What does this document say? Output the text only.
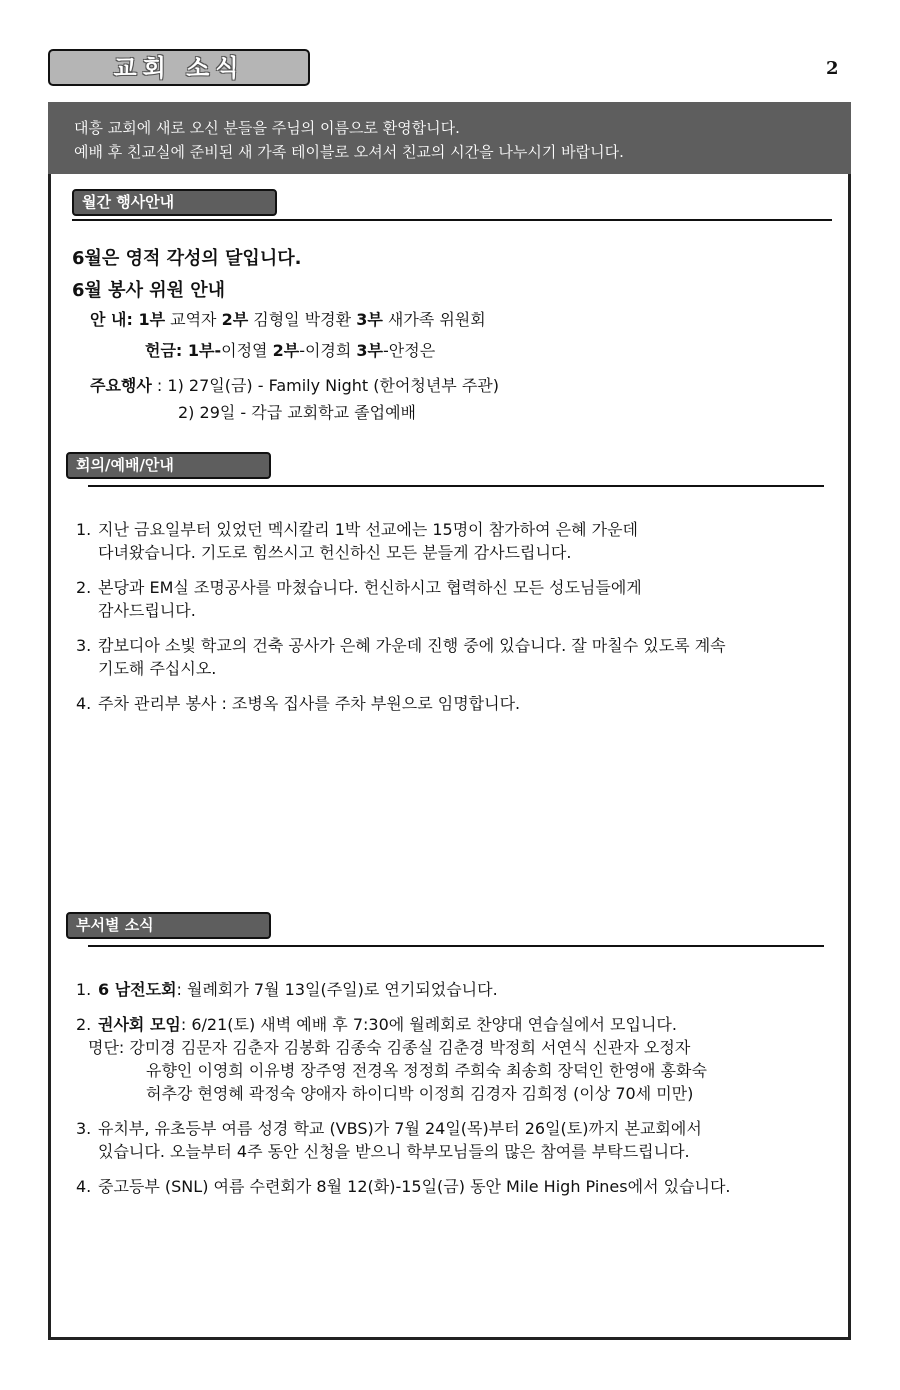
교회 소식	2
대흥 교회에 새로 오신 분들을 주님의 이름으로 환영합니다.
예배 후 친교실에 준비된 새 가족 테이블로 오셔서 친교의 시간을 나누시기 바랍니다.
월간 행사안내
6월은 영적 각성의 달입니다.
6월 봉사 위원 안내
안 내: 1부 교역자 2부 김형일 박경환 3부 새가족 위원회
헌금: 1부-이정열 2부-이경희 3부-안정은
주요행사 : 1) 27일(금) - Family Night (한어청년부 주관)
2) 29일 - 각급 교회학교 졸업예배
회의/예배/안내
1. 지난 금요일부터 있었던 멕시칼리 1박 선교에는 15명이 참가하여 은혜 가운데
다녀왔습니다. 기도로 힘쓰시고 헌신하신 모든 분들게 감사드립니다.
2. 본당과 EM실 조명공사를 마쳤습니다. 헌신하시고 협력하신 모든 성도님들에게
감사드립니다.
3. 캄보디아 소빛 학교의 건축 공사가 은혜 가운데 진행 중에 있습니다. 잘 마칠수 있도록 계속
기도해 주십시오.
4. 주차 관리부 봉사 : 조병옥 집사를 주차 부원으로 임명합니다.
부서별 소식
1. 6 남전도회: 월례회가 7월 13일(주일)로 연기되었습니다.
2. 권사회 모임: 6/21(토) 새벽 예배 후 7:30에 월례회로 찬양대 연습실에서 모입니다.
명단: 강미경 김문자 김춘자 김봉화 김종숙 김종실 김춘경 박정희 서연식 신관자 오정자
유향인 이영희 이유병 장주영 전경옥 정정희 주희숙 최송희 장덕인 한영애 홍화숙
허추강 현영혜 곽정숙 양애자 하이디박 이정희 김경자 김희정 (이상 70세 미만)
3. 유치부, 유초등부 여름 성경 학교 (VBS)가 7월 24일(목)부터 26일(토)까지 본교회에서
있습니다. 오늘부터 4주 동안 신청을 받으니 학부모님들의 많은 참여를 부탁드립니다.
4. 중고등부 (SNL) 여름 수련회가 8월 12(화)-15일(금) 동안 Mile High Pines에서 있습니다.
